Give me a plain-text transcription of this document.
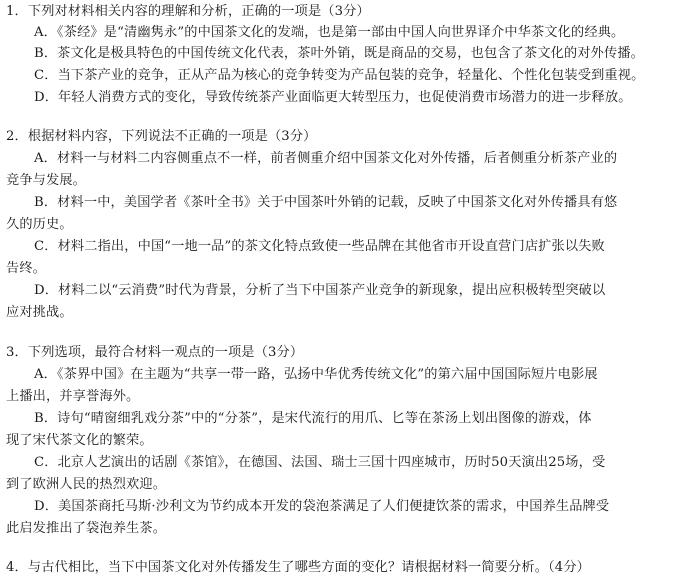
1．下列对材料相关内容的理解和分析，正确的一项是（3分）
A．《茶经》是“清幽隽永”的中国茶文化的发端，也是第一部由中国人向世界译介中华茶文化的经典。
B．茶文化是极具特色的中国传统文化代表，茶叶外销，既是商品的交易，也包含了茶文化的对外传播。
C．当下茶产业的竞争，正从产品为核心的竞争转变为产品包装的竞争，轻量化、个性化包装受到重视。
D．年轻人消费方式的变化，导致传统茶产业面临更大转型压力，也促使消费市场潜力的进一步释放。
2．根据材料内容，下列说法不正确的一项是（3分）
A．材料一与材料二内容侧重点不一样，前者侧重介绍中国茶文化对外传播，后者侧重分析茶产业的
竞争与发展。
B．材料一中，美国学者《茶叶全书》关于中国茶叶外销的记载，反映了中国茶文化对外传播具有悠
久的历史。
C．材料二指出，中国“一地一品”的茶文化特点致使一些品牌在其他省市开设直营门店扩张以失败
告终。
D．材料二以“云消费”时代为背景，分析了当下中国茶产业竞争的新现象，提出应积极转型突破以
应对挑战。
3．下列选项，最符合材料一观点的一项是（3分）
A．《茶界中国》在主题为“共享一带一路，弘扬中华优秀传统文化”的第六届中国国际短片电影展
上播出，并享誉海外。
B．诗句“晴窗细乳戏分茶”中的“分茶”，是宋代流行的用爪、匕等在茶汤上划出图像的游戏，体
现了宋代茶文化的繁荣。
C．北京人艺演出的话剧《茶馆》，在德国、法国、瑞士三国十四座城市，历时50天演出25场，受
到了欧洲人民的热烈欢迎。
D．美国茶商托马斯·沙利文为节约成本开发的袋泡茶满足了人们便捷饮茶的需求，中国养生品牌受
此启发推出了袋泡养生茶。
4．与古代相比，当下中国茶文化对外传播发生了哪些方面的变化？请根据材料一简要分析。（4分）
